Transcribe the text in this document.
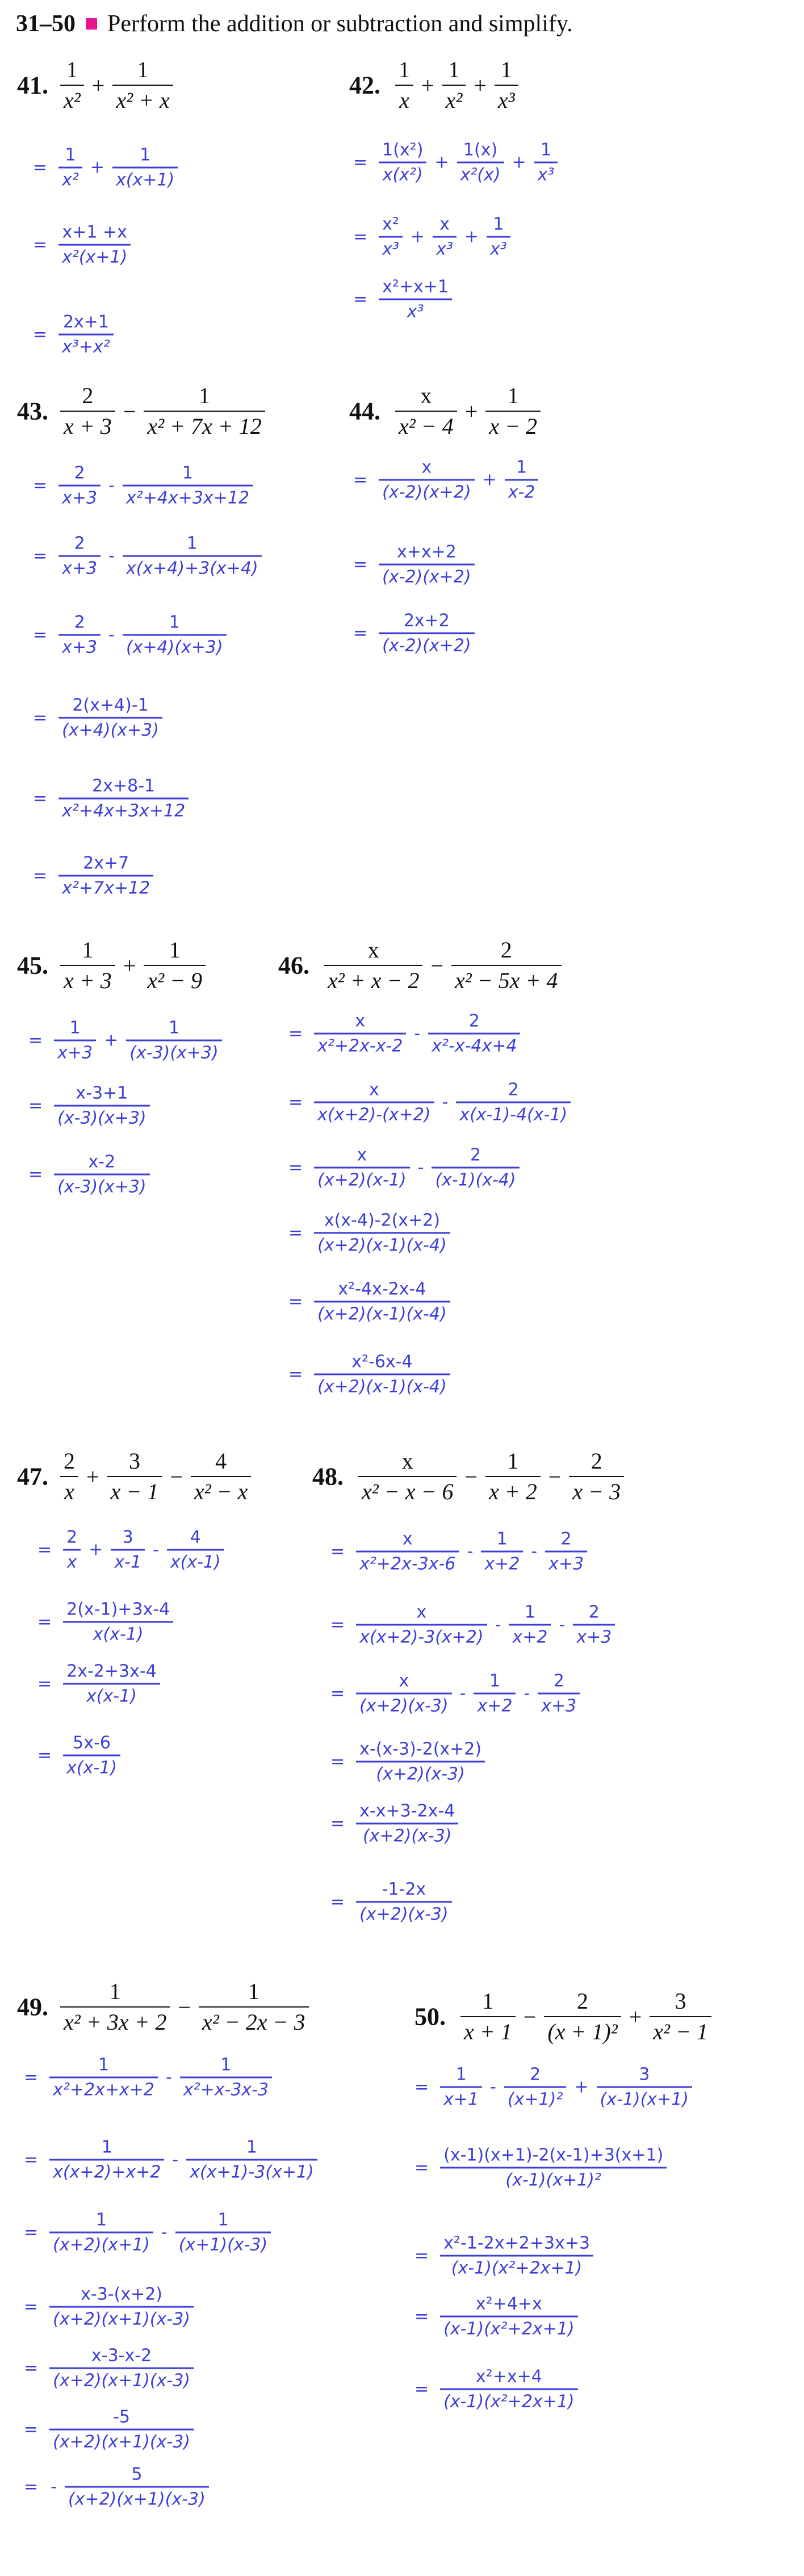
31–50 Perform the addition or subtraction and simplify.
41. $\frac{1}{\text{x²}} + \frac{1}{\text{x² + x}}$
= $\frac{1}{\text{x²}} + \frac{1}{x(x+1)}$
= $\frac{x+1 +x}{\text{x²(x+1)}}$
= $\frac{2x+1}{\text{x³+x²}}$
42. $\frac{1}{x} + \frac{1}{\text{x²}} + \frac{1}{\text{x³}}$
= $\frac{\text{1(x²)}}{\text{x(x²)}} + \frac{1(x)}{\text{x²(x)}} + \frac{1}{\text{x³}}$
= $\frac{\text{x²}}{\text{x³}} + \frac{x}{\text{x³}} + \frac{1}{\text{x³}}$
= $\frac{\text{x²+x+1}}{\text{x³}}$
43. $\frac{2}{x + 3} - \frac{1}{\text{x² + 7x + 12}}$
= $\frac{2}{x+3} - \frac{1}{\text{x²+4x+3x+12}}$
= $\frac{2}{x+3} - \frac{1}{x(x+4)+3(x+4)}$
= $\frac{2}{x+3} - \frac{1}{(x+4)(x+3)}$
= $\frac{2(x+4)-1}{(x+4)(x+3)}$
= $\frac{2x+8-1}{\text{x²+4x+3x+12}}$
= $\frac{2x+7}{\text{x²+7x+12}}$
44. $\frac{x}{\text{x² − 4}} + \frac{1}{x - 2}$
= $\frac{x}{(x-2)(x+2)} + \frac{1}{x-2}$
= $\frac{x+x+2}{(x-2)(x+2)}$
= $\frac{2x+2}{(x-2)(x+2)}$
45. $\frac{1}{x + 3} + \frac{1}{\text{x² − 9}}$
= $\frac{1}{x+3} + \frac{1}{(x-3)(x+3)}$
= $\frac{x-3+1}{(x-3)(x+3)}$
= $\frac{x-2}{(x-3)(x+3)}$
46. $\frac{x}{\text{x² + x − 2}} - \frac{2}{\text{x² − 5x + 4}}$
= $\frac{x}{\text{x²+2x-x-2}} - \frac{2}{\text{x²-x-4x+4}}$
= $\frac{x}{x(x+2)-(x+2)} - \frac{2}{x(x-1)-4(x-1)}$
= $\frac{x}{(x+2)(x-1)} - \frac{2}{(x-1)(x-4)}$
= $\frac{x(x-4)-2(x+2)}{(x+2)(x-1)(x-4)}$
= $\frac{\text{x²-4x-2x-4}}{(x+2)(x-1)(x-4)}$
= $\frac{\text{x²-6x-4}}{(x+2)(x-1)(x-4)}$
47. $\frac{2}{x} + \frac{3}{x - 1} - \frac{4}{\text{x² − x}}$
= $\frac{2}{x} + \frac{3}{x-1} - \frac{4}{x(x-1)}$
= $\frac{2(x-1)+3x-4}{x(x-1)}$
= $\frac{2x-2+3x-4}{x(x-1)}$
= $\frac{5x-6}{x(x-1)}$
48. $\frac{x}{\text{x² − x − 6}} - \frac{1}{x + 2} - \frac{2}{x - 3}$
= $\frac{x}{\text{x²+2x-3x-6}} - \frac{1}{x+2} - \frac{2}{x+3}$
= $\frac{x}{x(x+2)-3(x+2)} - \frac{1}{x+2} - \frac{2}{x+3}$
= $\frac{x}{(x+2)(x-3)} - \frac{1}{x+2} - \frac{2}{x+3}$
= $\frac{x-(x-3)-2(x+2)}{(x+2)(x-3)}$
= $\frac{x-x+3-2x-4}{(x+2)(x-3)}$
= $\frac{-1-2x}{(x+2)(x-3)}$
49. $\frac{1}{\text{x² + 3x + 2}} - \frac{1}{\text{x² − 2x − 3}}$
= $\frac{1}{\text{x²+2x+x+2}} - \frac{1}{\text{x²+x-3x-3}}$
= $\frac{1}{x(x+2)+x+2} - \frac{1}{x(x+1)-3(x+1)}$
= $\frac{1}{(x+2)(x+1)} - \frac{1}{(x+1)(x-3)}$
= $\frac{x-3-(x+2)}{(x+2)(x+1)(x-3)}$
= $\frac{x-3-x-2}{(x+2)(x+1)(x-3)}$
= $\frac{-5}{(x+2)(x+1)(x-3)}$
= - $\frac{5}{(x+2)(x+1)(x-3)}$
50. $\frac{1}{x + 1} - \frac{2}{\text{(x + 1)²}} + \frac{3}{\text{x² − 1}}$
= $\frac{1}{x+1} - \frac{2}{\text{(x+1)²}} + \frac{3}{(x-1)(x+1)}$
= $\frac{(x-1)(x+1)-2(x-1)+3(x+1)}{\text{(x-1)(x+1)²}}$
= $\frac{\text{x²-1-2x+2+3x+3}}{\text{(x-1)(x²+2x+1)}}$
= $\frac{\text{x²+4+x}}{\text{(x-1)(x²+2x+1)}}$
= $\frac{\text{x²+x+4}}{\text{(x-1)(x²+2x+1)}}$
